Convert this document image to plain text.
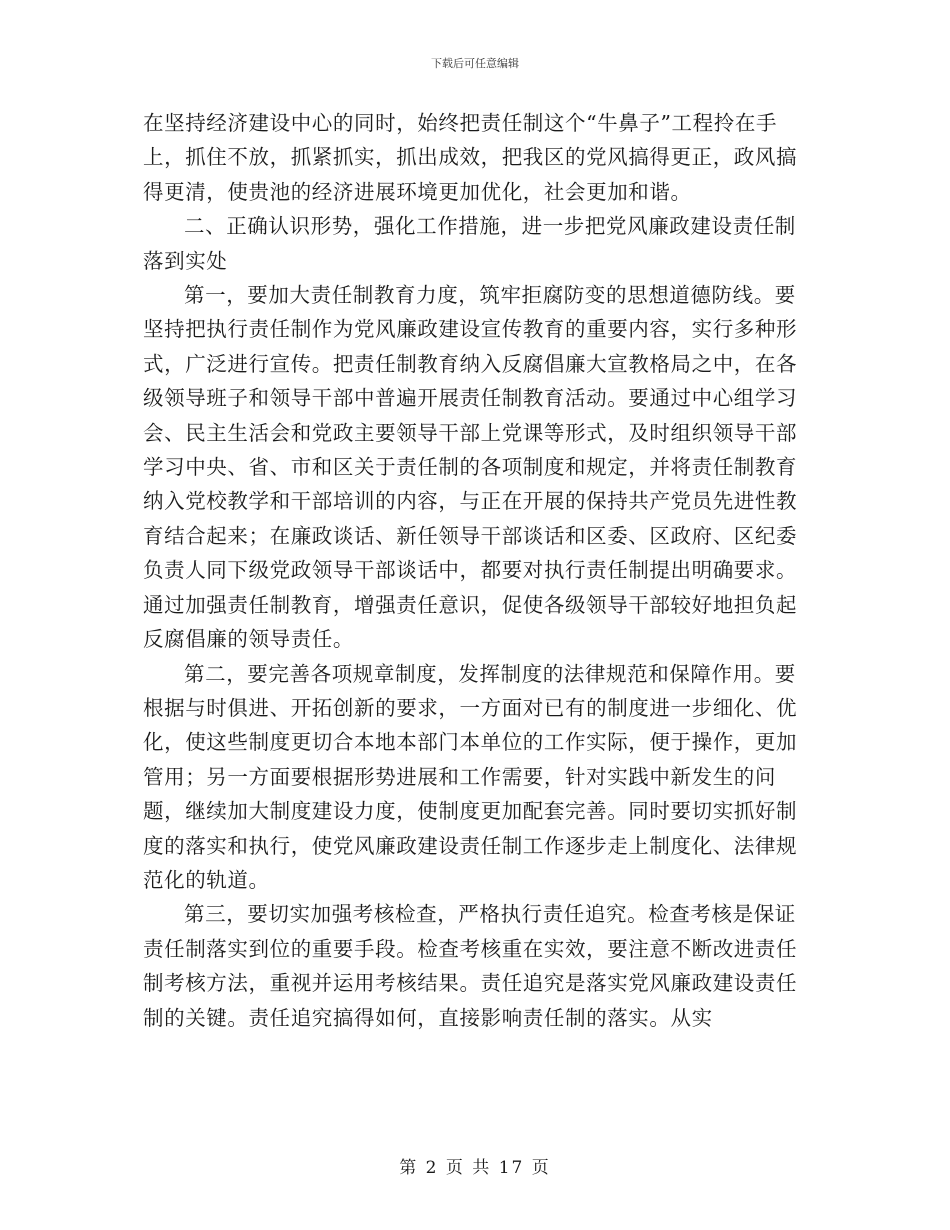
下载后可任意编辑

在坚持经济建设中心的同时，始终把责任制这个“牛鼻子”工程拎在手上，抓住不放，抓紧抓实，抓出成效，把我区的党风搞得更正，政风搞得更清，使贵池的经济进展环境更加优化，社会更加和谐。

二、正确认识形势，强化工作措施，进一步把党风廉政建设责任制落到实处

第一，要加大责任制教育力度，筑牢拒腐防变的思想道德防线。要坚持把执行责任制作为党风廉政建设宣传教育的重要内容，实行多种形式，广泛进行宣传。把责任制教育纳入反腐倡廉大宣教格局之中，在各级领导班子和领导干部中普遍开展责任制教育活动。要通过中心组学习会、民主生活会和党政主要领导干部上党课等形式，及时组织领导干部学习中央、省、市和区关于责任制的各项制度和规定，并将责任制教育纳入党校教学和干部培训的内容，与正在开展的保持共产党员先进性教育结合起来；在廉政谈话、新任领导干部谈话和区委、区政府、区纪委负责人同下级党政领导干部谈话中，都要对执行责任制提出明确要求。通过加强责任制教育，增强责任意识，促使各级领导干部较好地担负起反腐倡廉的领导责任。

第二，要完善各项规章制度，发挥制度的法律规范和保障作用。要根据与时俱进、开拓创新的要求，一方面对已有的制度进一步细化、优化，使这些制度更切合本地本部门本单位的工作实际，便于操作，更加管用；另一方面要根据形势进展和工作需要，针对实践中新发生的问题，继续加大制度建设力度，使制度更加配套完善。同时要切实抓好制度的落实和执行，使党风廉政建设责任制工作逐步走上制度化、法律规范化的轨道。

第三，要切实加强考核检查，严格执行责任追究。检查考核是保证责任制落实到位的重要手段。检查考核重在实效，要注意不断改进责任制考核方法，重视并运用考核结果。责任追究是落实党风廉政建设责任制的关键。责任追究搞得如何，直接影响责任制的落实。从实

第 2 页 共 17 页
